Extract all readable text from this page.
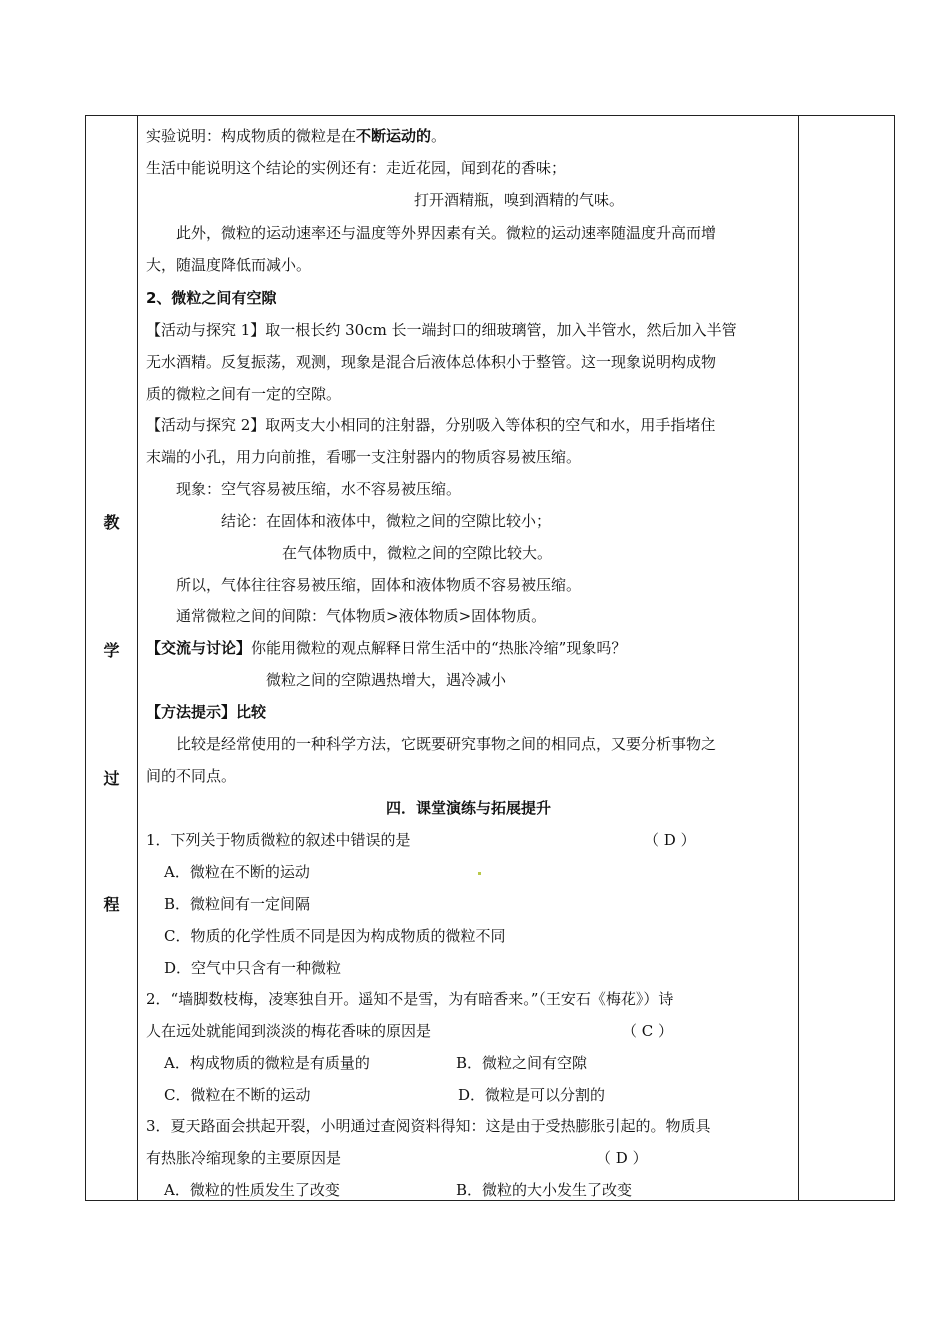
教
学
过
程
实验说明：构成物质的微粒是在不断运动的。
生活中能说明这个结论的实例还有：走近花园，闻到花的香味；
打开酒精瓶，嗅到酒精的气味。
此外，微粒的运动速率还与温度等外界因素有关。微粒的运动速率随温度升高而增
大，随温度降低而减小。
2、微粒之间有空隙
【活动与探究 1】取一根长约 30cm 长一端封口的细玻璃管，加入半管水，然后加入半管
无水酒精。反复振荡，观测，现象是混合后液体总体积小于整管。这一现象说明构成物
质的微粒之间有一定的空隙。
【活动与探究 2】取两支大小相同的注射器，分别吸入等体积的空气和水，用手指堵住
末端的小孔，用力向前推，看哪一支注射器内的物质容易被压缩。
现象：空气容易被压缩，水不容易被压缩。
结论：在固体和液体中，微粒之间的空隙比较小；
在气体物质中，微粒之间的空隙比较大。
所以，气体往往容易被压缩，固体和液体物质不容易被压缩。
通常微粒之间的间隙：气体物质>液体物质>固体物质。
【交流与讨论】你能用微粒的观点解释日常生活中的“热胀冷缩”现象吗？
微粒之间的空隙遇热增大，遇冷减小
【方法提示】比较
比较是经常使用的一种科学方法，它既要研究事物之间的相同点，又要分析事物之
间的不同点。
四．课堂演练与拓展提升
1．下列关于物质微粒的叙述中错误的是	（ D ）
A．微粒在不断的运动
B．微粒间有一定间隔
C．物质的化学性质不同是因为构成物质的微粒不同
D．空气中只含有一种微粒
2．“墙脚数枝梅，凌寒独自开。遥知不是雪，为有暗香来。”（王安石《梅花》）诗
人在远处就能闻到淡淡的梅花香味的原因是	（ C ）
A．构成物质的微粒是有质量的	B．微粒之间有空隙
C．微粒在不断的运动	D．微粒是可以分割的
3．夏天路面会拱起开裂，小明通过查阅资料得知：这是由于受热膨胀引起的。物质具
有热胀冷缩现象的主要原因是	（ D ）
A．微粒的性质发生了改变	B．微粒的大小发生了改变
